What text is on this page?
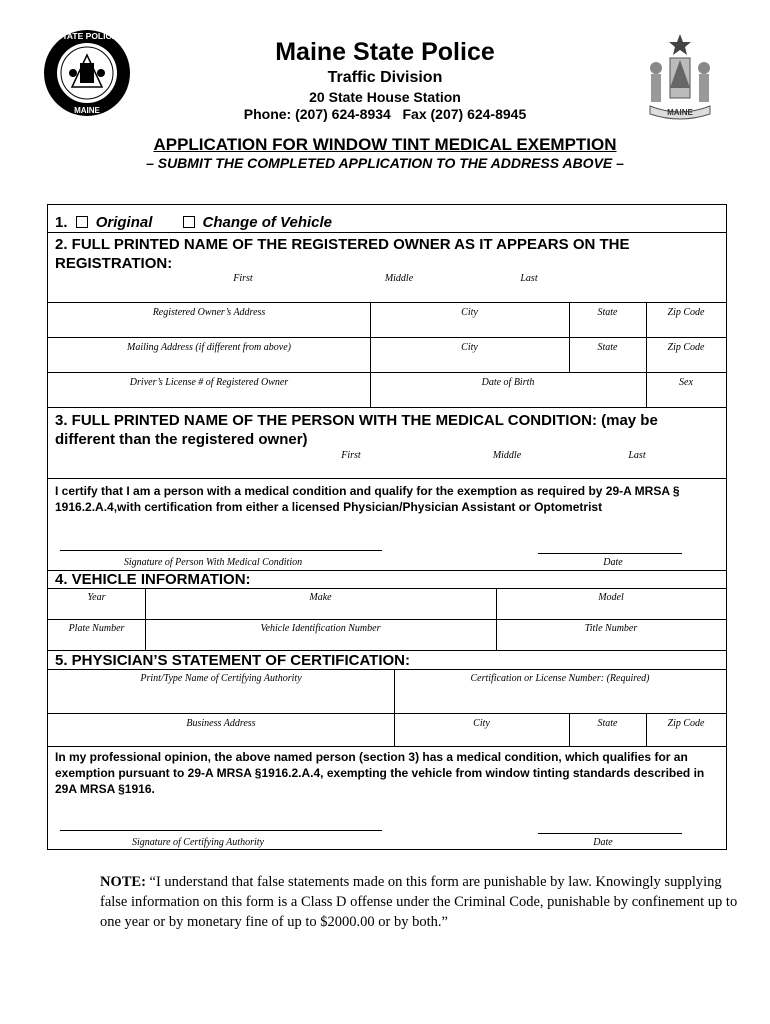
STATE POLICE
MAINE	MAINE
Maine State Police
Traffic Division
20 State House Station
Phone: (207) 624-8934   Fax (207) 624-8945
APPLICATION FOR WINDOW TINT MEDICAL EXEMPTION
– SUBMIT THE COMPLETED APPLICATION TO THE ADDRESS ABOVE –
1. Original	Change of Vehicle
2. FULL PRINTED NAME OF THE REGISTERED OWNER AS IT APPEARS ON THE REGISTRATION:
First	Middle	Last
Registered Owner’s Address	City	State	Zip Code
Mailing Address (if different from above)	City	State	Zip Code
Driver’s License # of Registered Owner	Date of Birth	Sex
3. FULL PRINTED NAME OF THE PERSON WITH THE MEDICAL CONDITION: (may be different than the registered owner)
First	Middle	Last
I certify that I am a person with a medical condition and qualify for the exemption as required by 29-A MRSA § 1916.2.A.4,with certification from either a licensed Physician/Physician Assistant or Optometrist
Signature of Person With Medical Condition	Date
4. VEHICLE INFORMATION:
Year	Make	Model
Plate Number	Vehicle Identification Number	Title Number
5. PHYSICIAN’S STATEMENT OF CERTIFICATION:
Print/Type Name of Certifying Authority	Certification or License Number: (Required)
Business Address	City	State	Zip Code
In my professional opinion, the above named person (section 3) has a medical condition, which qualifies for an exemption pursuant to 29-A MRSA §1916.2.A.4, exempting the vehicle from window tinting standards described in 29A MRSA §1916.
Signature of Certifying Authority	Date
NOTE: “I understand that false statements made on this form are punishable by law. Knowingly supplying false information on this form is a Class D offense under the Criminal Code, punishable by confinement up to one year or by monetary fine of up to $2000.00 or by both.”
